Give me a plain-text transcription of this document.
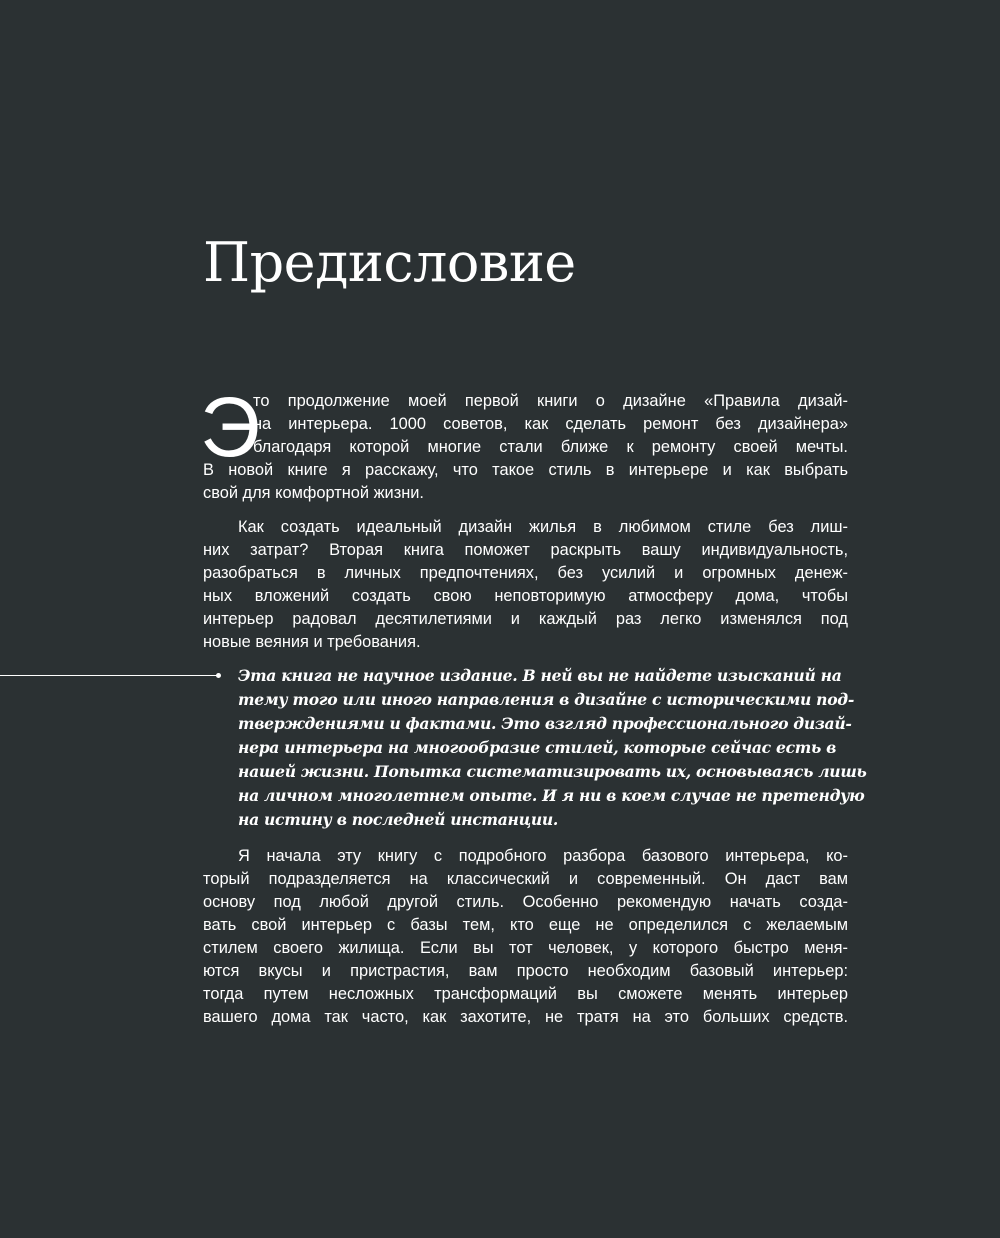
Предисловие
Э
то продолжение моей первой книги о дизайне «Правила дизай-
на интерьера. 1000 советов, как сделать ремонт без дизайнера»
благодаря которой многие стали ближе к ремонту своей мечты.
В новой книге я расскажу, что такое стиль в интерьере и как выбрать
свой для комфортной жизни.
Как создать идеальный дизайн жилья в любимом стиле без лиш-
них затрат? Вторая книга поможет раскрыть вашу индивидуальность,
разобраться в личных предпочтениях, без усилий и огромных денеж-
ных вложений создать свою неповторимую атмосферу дома, чтобы
интерьер радовал десятилетиями и каждый раз легко изменялся под
новые веяния и требования.
Эта книга не научное издание. В ней вы не найдете изысканий на
тему того или иного направления в дизайне с историческими под-
тверждениями и фактами. Это взгляд профессионального дизай-
нера интерьера на многообразие стилей, которые сейчас есть в
нашей жизни. Попытка систематизировать их, основываясь лишь
на личном многолетнем опыте. И я ни в коем случае не претендую
на истину в последней инстанции.
Я начала эту книгу с подробного разбора базового интерьера, ко-
торый подразделяется на классический и современный. Он даст вам
основу под любой другой стиль. Особенно рекомендую начать созда-
вать свой интерьер с базы тем, кто еще не определился с желаемым
стилем своего жилища. Если вы тот человек, у которого быстро меня-
ются вкусы и пристрастия, вам просто необходим базовый интерьер:
тогда путем несложных трансформаций вы сможете менять интерьер
вашего дома так часто, как захотите, не тратя на это больших средств.
